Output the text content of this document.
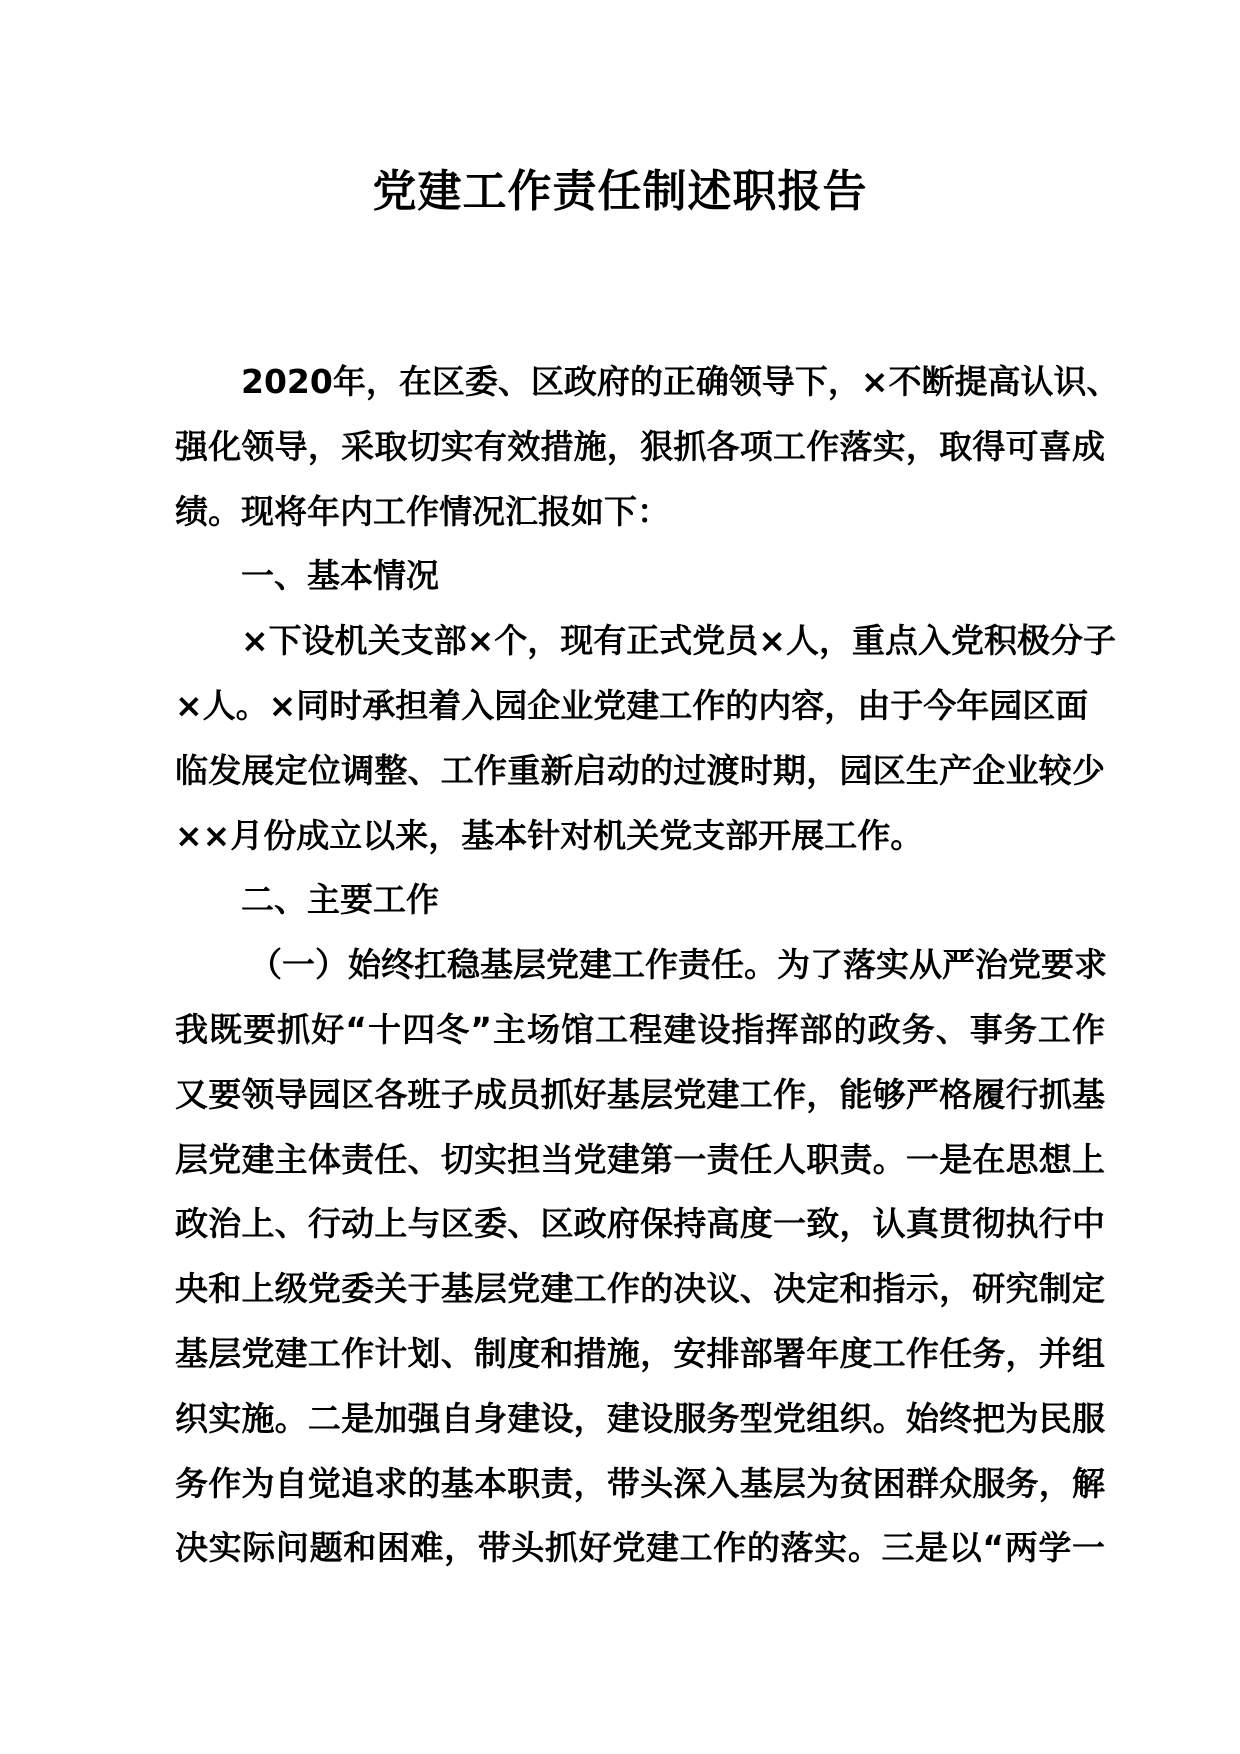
党建工作责任制述职报告
2020年，在区委、区政府的正确领导下，×不断提高认识、
强化领导，采取切实有效措施，狠抓各项工作落实，取得可喜成
绩。现将年内工作情况汇报如下：
一、基本情况
×下设机关支部×个，现有正式党员×人，重点入党积极分子
×人。×同时承担着入园企业党建工作的内容，由于今年园区面
临发展定位调整、工作重新启动的过渡时期，园区生产企业较少
××月份成立以来，基本针对机关党支部开展工作。
二、主要工作
（一）始终扛稳基层党建工作责任。为了落实从严治党要求
我既要抓好“十四冬”主场馆工程建设指挥部的政务、事务工作
又要领导园区各班子成员抓好基层党建工作，能够严格履行抓基
层党建主体责任、切实担当党建第一责任人职责。一是在思想上
政治上、行动上与区委、区政府保持高度一致，认真贯彻执行中
央和上级党委关于基层党建工作的决议、决定和指示，研究制定
基层党建工作计划、制度和措施，安排部署年度工作任务，并组
织实施。二是加强自身建设，建设服务型党组织。始终把为民服
务作为自觉追求的基本职责，带头深入基层为贫困群众服务，解
决实际问题和困难，带头抓好党建工作的落实。三是以“两学一
